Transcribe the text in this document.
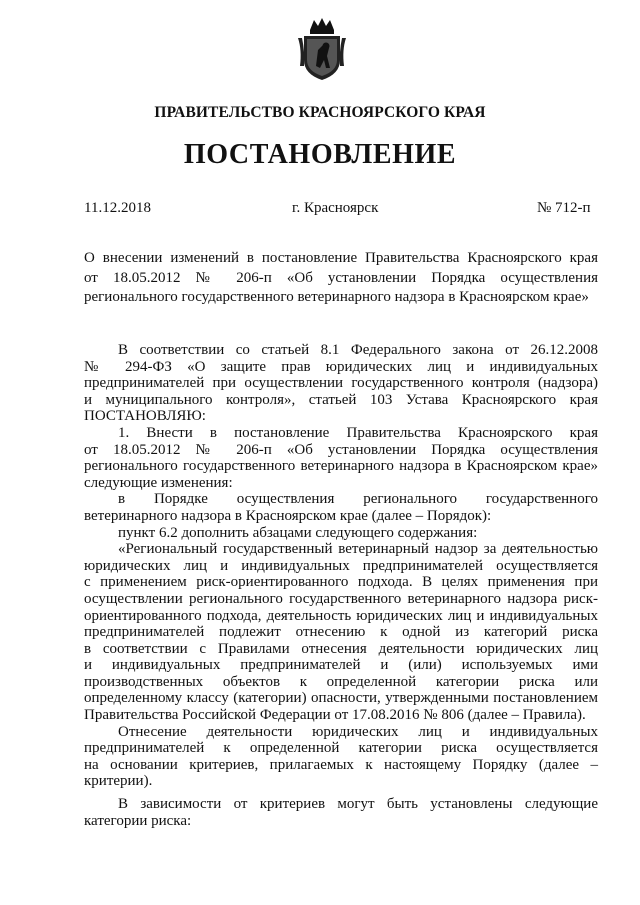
ПРАВИТЕЛЬСТВО КРАСНОЯРСКОГО КРАЯ
ПОСТАНОВЛЕНИЕ
11.12.2018	г. Красноярск	№ 712-п
О внесении изменений в постановление Правительства Красноярского края
от 18.05.2012 № 206-п «Об установлении Порядка осуществления
регионального государственного ветеринарного надзора в Красноярском крае»
В соответствии со статьей 8.1 Федерального закона от 26.12.2008
№ 294-ФЗ «О защите прав юридических лиц и индивидуальных
предпринимателей при осуществлении государственного контроля (надзора)
и муниципального контроля», статьей 103 Устава Красноярского края
ПОСТАНОВЛЯЮ:
1. Внести в постановление Правительства Красноярского края
от 18.05.2012 № 206-п «Об установлении Порядка осуществления
регионального государственного ветеринарного надзора в Красноярском крае»
следующие изменения:
в Порядке осуществления регионального государственного
ветеринарного надзора в Красноярском крае (далее – Порядок):
пункт 6.2 дополнить абзацами следующего содержания:
«Региональный государственный ветеринарный надзор за деятельностью
юридических лиц и индивидуальных предпринимателей осуществляется
с применением риск-ориентированного подхода. В целях применения при
осуществлении регионального государственного ветеринарного надзора риск-
ориентированного подхода, деятельность юридических лиц и индивидуальных
предпринимателей подлежит отнесению к одной из категорий риска
в соответствии с Правилами отнесения деятельности юридических лиц
и индивидуальных предпринимателей и (или) используемых ими
производственных объектов к определенной категории риска или
определенному классу (категории) опасности, утвержденными постановлением
Правительства Российской Федерации от 17.08.2016 № 806 (далее – Правила).
Отнесение деятельности юридических лиц и индивидуальных
предпринимателей к определенной категории риска осуществляется
на основании критериев, прилагаемых к настоящему Порядку (далее –
критерии).
В зависимости от критериев могут быть установлены следующие
категории риска:
